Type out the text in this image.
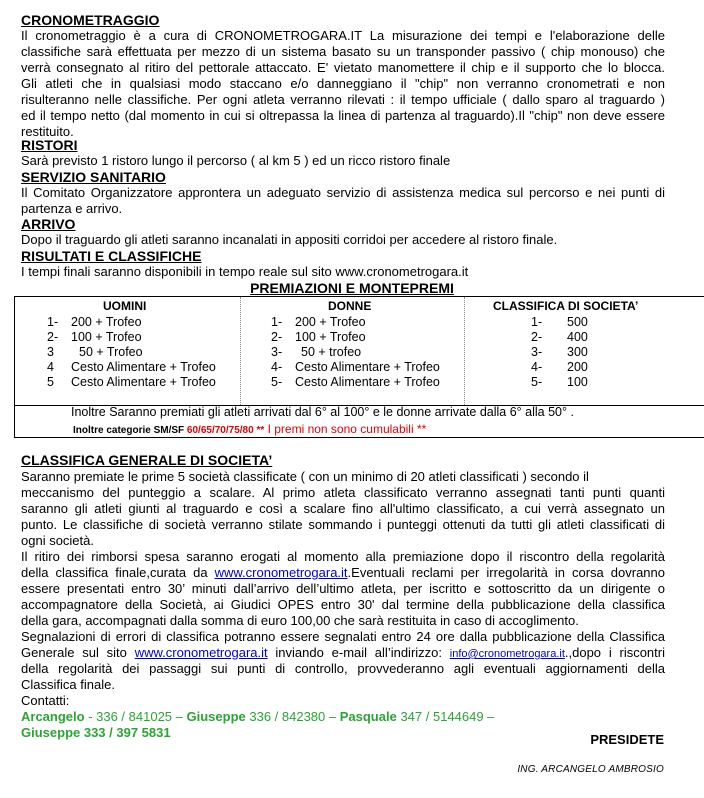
CRONOMETRAGGIO
Il cronometraggio è a cura di CRONOMETROGARA.IT La misurazione dei tempi e l'elaborazione delle
classifiche sarà effettuata per mezzo di un sistema basato su un transponder passivo ( chip monouso) che
verrà consegnato al ritiro del pettorale attaccato. E' vietato manomettere il chip e il supporto che lo blocca.
Gli atleti che in qualsiasi modo staccano e/o danneggiano il "chip" non verranno cronometrati e non
risulteranno nelle classifiche. Per ogni atleta verranno rilevati : il tempo ufficiale ( dallo sparo al traguardo )
ed il tempo netto (dal momento in cui si oltrepassa la linea di partenza al traguardo).Il "chip" non deve essere
restituito.
RISTORI
Sarà previsto 1 ristoro lungo il percorso ( al km 5 ) ed un ricco ristoro finale
SERVIZIO SANITARIO
Il Comitato Organizzatore approntera un adeguato servizio di assistenza medica sul percorso e nei punti di
partenza e arrivo.
ARRIVO
Dopo il traguardo gli atleti saranno incanalati in appositi corridoi per accedere al ristoro finale.
RISULTATI E CLASSIFICHE
I tempi finali saranno disponibili in tempo reale sul sito www.cronometrogara.it
PREMIAZIONI E MONTEPREMI
UOMINI
1- 200 + Trofeo
2- 100 + Trofeo
3 50 + Trofeo
4 Cesto Alimentare + Trofeo
5 Cesto Alimentare + Trofeo
DONNE
1- 200 + Trofeo
2- 100 + Trofeo
3- 50 + trofeo
4- Cesto Alimentare + Trofeo
5- Cesto Alimentare + Trofeo
CLASSIFICA DI SOCIETA’
1- 500
2- 400
3- 300
4- 200
5- 100
Inoltre Saranno premiati gli atleti arrivati dal 6° al 100° e le donne arrivate dalla 6° alla 50° .
Inoltre categorie SM/SF 60/65/70/75/80 ** I premi non sono cumulabili **
CLASSIFICA GENERALE DI SOCIETA’
Saranno premiate le prime 5 società classificate ( con un minimo di 20 atleti classificati ) secondo il
meccanismo del punteggio a scalare. Al primo atleta classificato verranno assegnati tanti punti quanti
saranno gli atleti giunti al traguardo e così a scalare fino all'ultimo classificato, a cui verrà assegnato un
punto. Le classifiche di società verranno stilate sommando i punteggi ottenuti da tutti gli atleti classificati di
ogni società.
Il ritiro dei rimborsi spesa saranno erogati al momento alla premiazione dopo il riscontro della regolarità
della classifica finale,curata da www.cronometrogara.it.Eventuali reclami per irregolarità in corsa dovranno
essere presentati entro 30’ minuti dall’arrivo dell’ultimo atleta, per iscritto e sottoscritto da un dirigente o
accompagnatore della Società, ai Giudici OPES entro 30' dal termine della pubblicazione della classifica
della gara, accompagnati dalla somma di euro 100,00 che sarà restituita in caso di accoglimento.
Segnalazioni di errori di classifica potranno essere segnalati entro 24 ore dalla pubblicazione della Classifica
Generale sul sito www.cronometrogara.it inviando e-mail all’indirizzo: info@cronometrogara.it.,dopo i riscontri
della regolarità dei passaggi sui punti di controllo, provvederanno agli eventuali aggiornamenti della
Classifica finale.
Contatti:
Arcangelo - 336 / 841025 – Giuseppe 336 / 842380 – Pasquale 347 / 5144649 –
Giuseppe 333 / 397 5831	PRESIDETE
ING. ARCANGELO AMBROSIO
